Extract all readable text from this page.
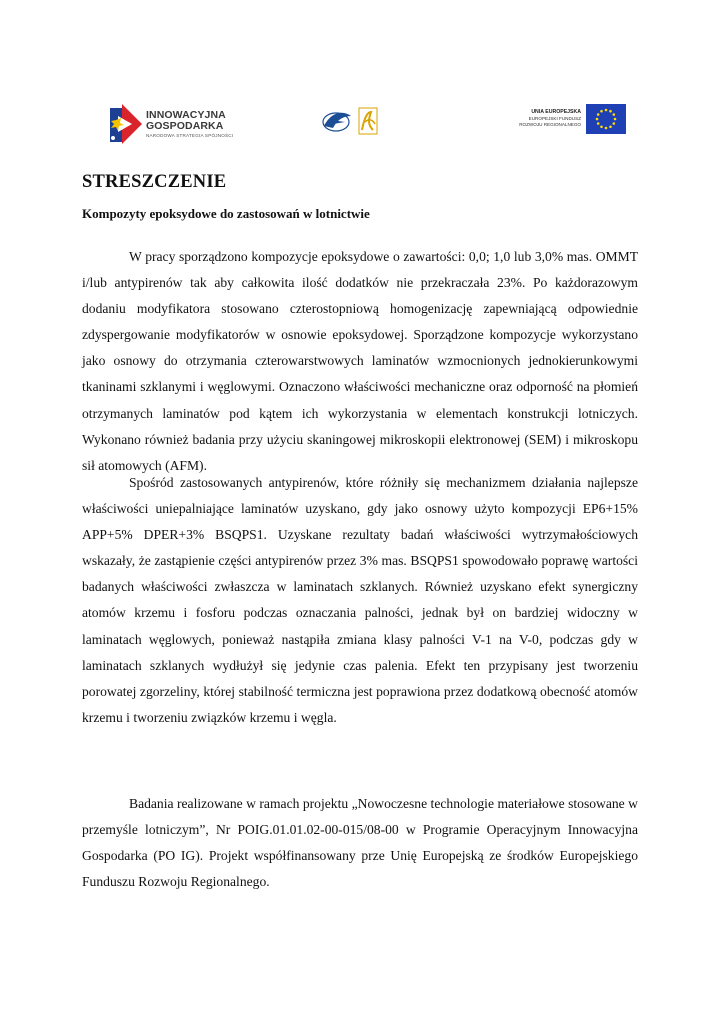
INNOWACYJNA
GOSPODARKA
NARODOWA STRATEGIA SPÓJNOŚCI
UNIA EUROPEJSKA
EUROPEJSKI FUNDUSZ
ROZWOJU REGIONALNEGO
STRESZCZENIE
Kompozyty epoksydowe do zastosowań w lotnictwie

W pracy sporządzono kompozycje epoksydowe o zawartości: 0,0; 1,0 lub 3,0% mas. OMMT i/lub antypirenów tak aby całkowita ilość dodatków nie przekraczała 23%. Po każdorazowym dodaniu modyfikatora stosowano czterostopniową homogenizację zapewniającą odpowiednie zdyspergowanie modyfikatorów w osnowie epoksydowej. Sporządzone kompozycje wykorzystano jako osnowy do otrzymania czterowarstwowych laminatów wzmocnionych jednokierunkowymi tkaninami szklanymi i węglowymi. Oznaczono właściwości mechaniczne oraz odporność na płomień otrzymanych laminatów pod kątem ich wykorzystania w elementach konstrukcji lotniczych. Wykonano również badania przy użyciu skaningowej mikroskopii elektronowej (SEM) i mikroskopu sił atomowych (AFM).

Spośród zastosowanych antypirenów, które różniły się mechanizmem działania najlepsze właściwości uniepalniające laminatów uzyskano, gdy jako osnowy użyto kompozycji EP6+15% APP+5% DPER+3% BSQPS1. Uzyskane rezultaty badań właściwości wytrzymałościowych wskazały, że zastąpienie części antypirenów przez 3% mas. BSQPS1 spowodowało poprawę wartości badanych właściwości zwłaszcza w laminatach szklanych. Również uzyskano efekt synergiczny atomów krzemu i fosforu podczas oznaczania palności, jednak był on bardziej widoczny w laminatach węglowych, ponieważ nastąpiła zmiana klasy palności V-1 na V-0, podczas gdy w laminatach szklanych wydłużył się jedynie czas palenia. Efekt ten przypisany jest tworzeniu porowatej zgorzeliny, której stabilność termiczna jest poprawiona przez dodatkową obecność atomów krzemu i tworzeniu związków krzemu i węgla.

Badania realizowane w ramach projektu „Nowoczesne technologie materiałowe stosowane w przemyśle lotniczym”, Nr POIG.01.01.02-00-015/08-00 w Programie Operacyjnym Innowacyjna Gospodarka (PO IG). Projekt współfinansowany prze Unię Europejską ze środków Europejskiego Funduszu Rozwoju Regionalnego.
